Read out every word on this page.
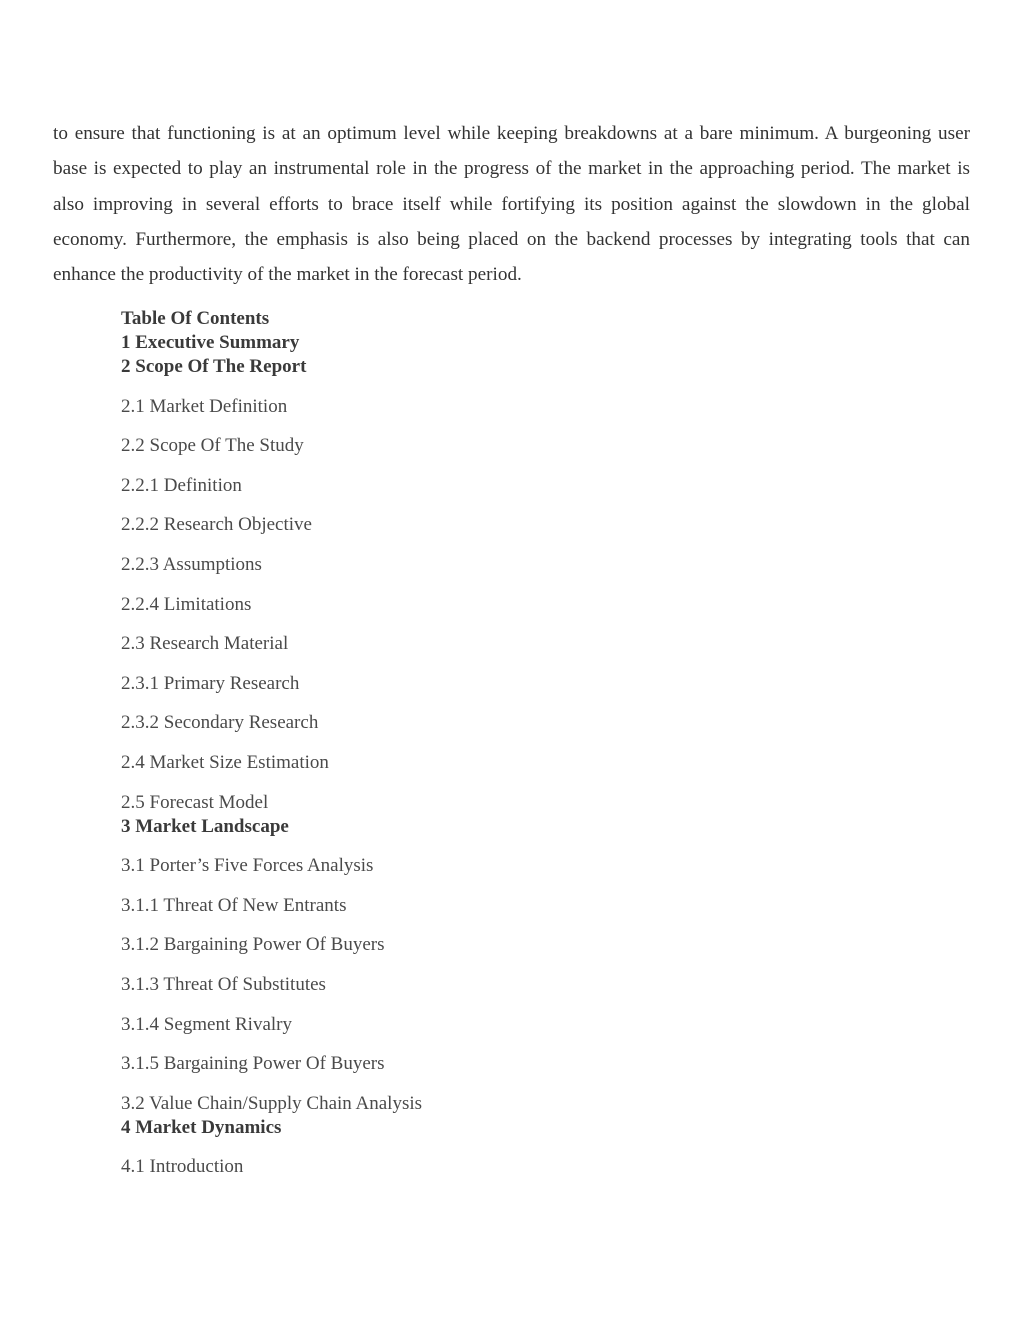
to ensure that functioning is at an optimum level while keeping breakdowns at a bare minimum. A burgeoning user base is expected to play an instrumental role in the progress of the market in the approaching period. The market is also improving in several efforts to brace itself while fortifying its position against the slowdown in the global economy. Furthermore, the emphasis is also being placed on the backend processes by integrating tools that can enhance the productivity of the market in the forecast period.

Table Of Contents

1 Executive Summary

2 Scope Of The Report

2.1 Market Definition

2.2 Scope Of The Study

2.2.1 Definition

2.2.2 Research Objective

2.2.3 Assumptions

2.2.4 Limitations

2.3 Research Material

2.3.1 Primary Research

2.3.2 Secondary Research

2.4 Market Size Estimation

2.5 Forecast Model

3 Market Landscape

3.1 Porter’s Five Forces Analysis

3.1.1 Threat Of New Entrants

3.1.2 Bargaining Power Of Buyers

3.1.3 Threat Of Substitutes

3.1.4 Segment Rivalry

3.1.5 Bargaining Power Of Buyers

3.2 Value Chain/Supply Chain Analysis

4 Market Dynamics

4.1 Introduction
